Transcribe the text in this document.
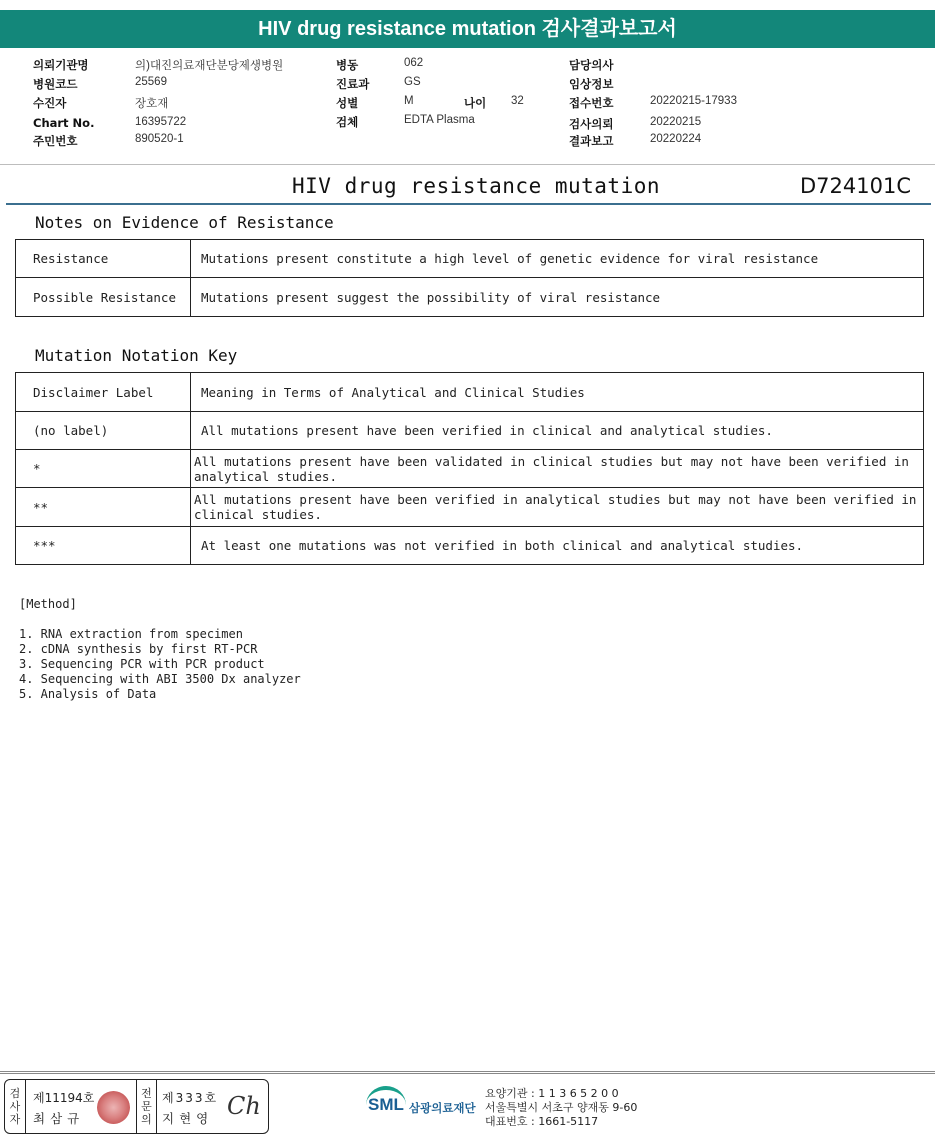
HIV drug resistance mutation 검사결과보고서
의뢰기관명	의)대진의료재단분당제생병원
병원코드	25569
수진자	장호재
Chart No.	16395722
주민번호	890520-1
병동	062
진료과	GS
성별	M	나이 32
검체	EDTA Plasma
담당의사
임상정보
접수번호	20220215-17933
검사의뢰	20220215
결과보고	20220224
HIV drug resistance mutation	D724101C
Notes on Evidence of Resistance
Resistance	Mutations present constitute a high level of genetic evidence for viral resistance
Possible Resistance	Mutations present suggest the possibility of viral resistance
Mutation Notation Key
Disclaimer Label	Meaning in Terms of Analytical and Clinical Studies
(no label)	All mutations present have been verified in clinical and analytical studies.
*	All mutations present have been validated in clinical studies but may not have been verified in analytical studies.
**	All mutations present have been verified in analytical studies but may not have been verified in clinical studies.
***	At least one mutations was not verified in both clinical and analytical studies.
[Method]
1. RNA extraction from specimen
2. cDNA synthesis by first RT-PCR
3. Sequencing PCR with PCR product
4. Sequencing with ABI 3500 Dx analyzer
5. Analysis of Data
검
사
자
제11194호
최삼규
전
문
의
제333호
지현영 Ch	SML 삼광의료재단
요양기관 : 1 1 3 6 5 2 0 0
서울특별시 서초구 양재동 9-60
대표번호 : 1661-5117
